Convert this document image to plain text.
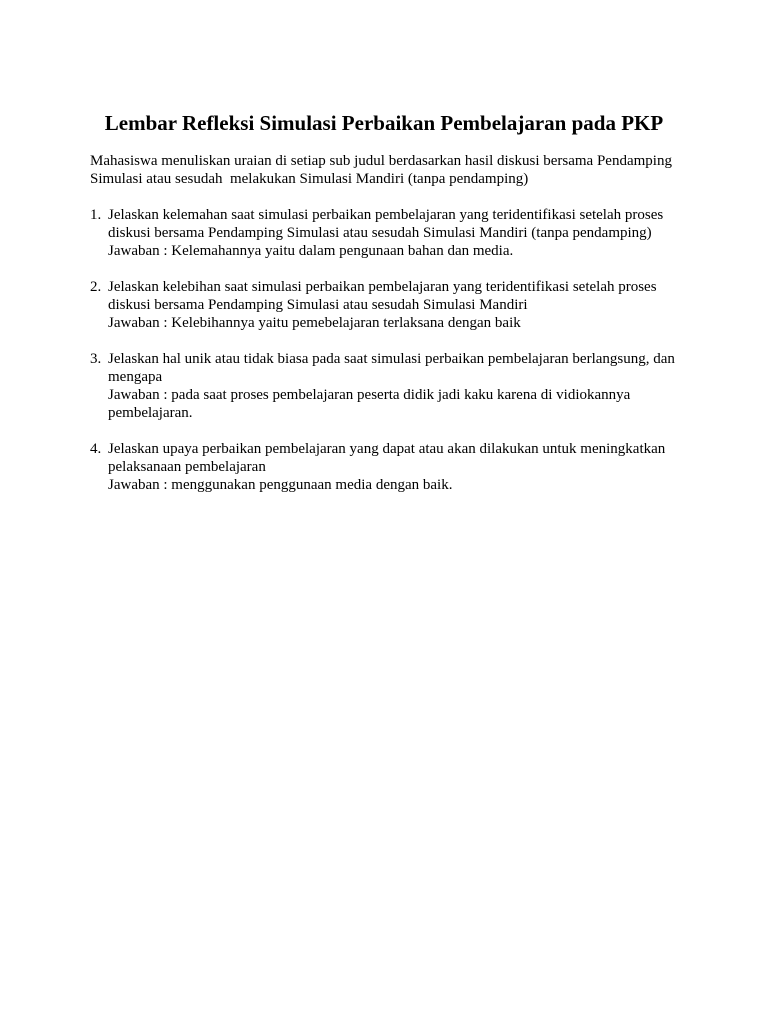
Lembar Refleksi Simulasi Perbaikan Pembelajaran pada PKP

Mahasiswa menuliskan uraian di setiap sub judul berdasarkan hasil diskusi bersama Pendamping
Simulasi atau sesudah  melakukan Simulasi Mandiri (tanpa pendamping)

1. Jelaskan kelemahan saat simulasi perbaikan pembelajaran yang teridentifikasi setelah proses
diskusi bersama Pendamping Simulasi atau sesudah Simulasi Mandiri (tanpa pendamping)
Jawaban : Kelemahannya yaitu dalam pengunaan bahan dan media.
2. Jelaskan kelebihan saat simulasi perbaikan pembelajaran yang teridentifikasi setelah proses
diskusi bersama Pendamping Simulasi atau sesudah Simulasi Mandiri
Jawaban : Kelebihannya yaitu pemebelajaran terlaksana dengan baik
3. Jelaskan hal unik atau tidak biasa pada saat simulasi perbaikan pembelajaran berlangsung, dan
mengapa
Jawaban : pada saat proses pembelajaran peserta didik jadi kaku karena di vidiokannya
pembelajaran.
4. Jelaskan upaya perbaikan pembelajaran yang dapat atau akan dilakukan untuk meningkatkan
pelaksanaan pembelajaran
Jawaban : menggunakan penggunaan media dengan baik.
